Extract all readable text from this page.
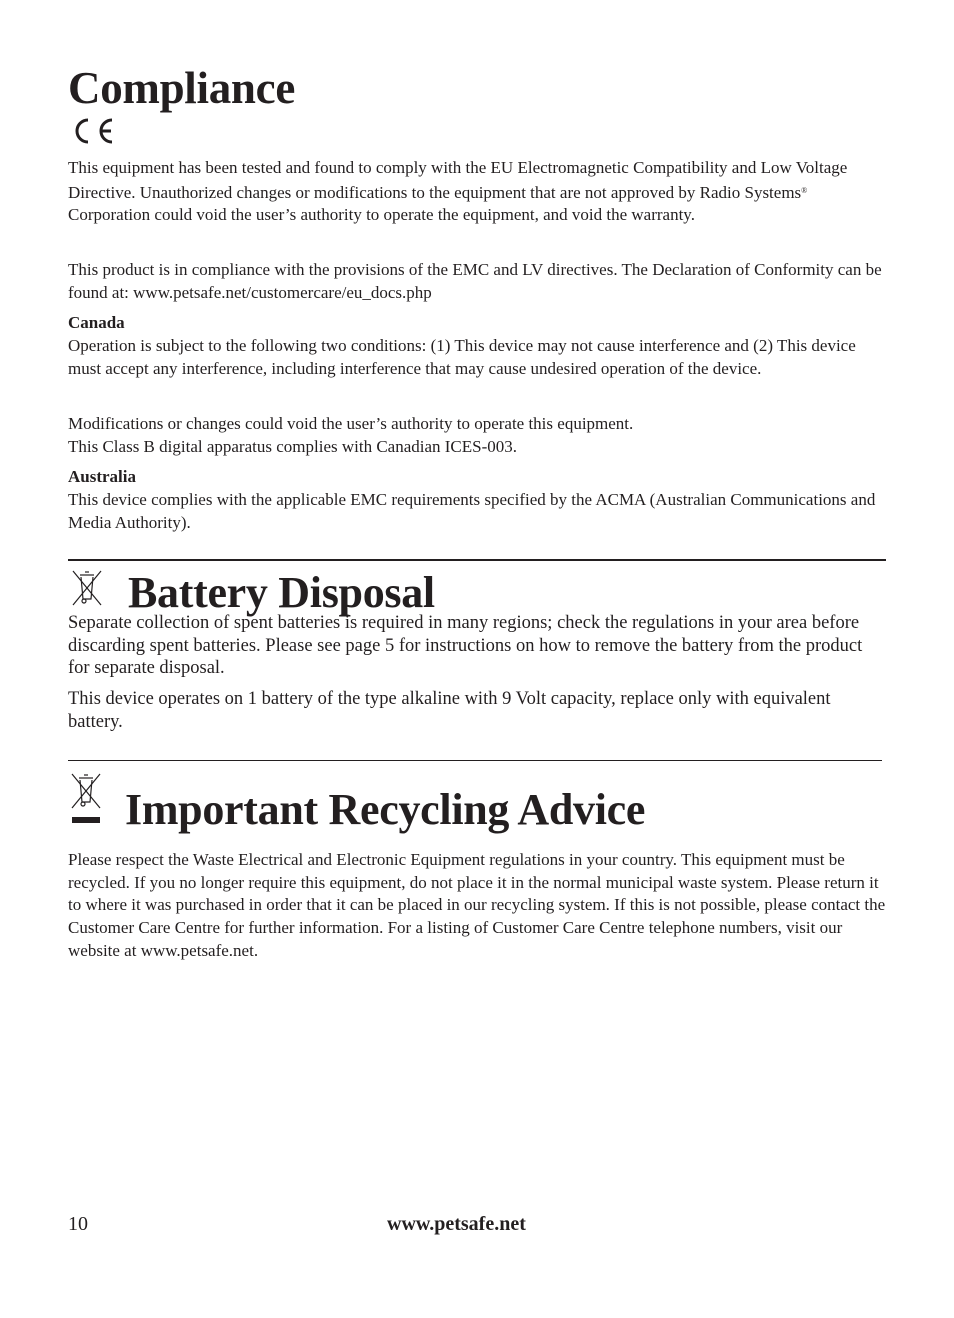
Compliance

This equipment has been tested and found to comply with the EU Electromagnetic Compatibility and Low Voltage Directive. Unauthorized changes or modifications to the equipment that are not approved by Radio Systems® Corporation could void the user’s authority to operate the equipment, and void the warranty.

This product is in compliance with the provisions of the EMC and LV directives. The Declaration of Conformity can be found at: www.petsafe.net/customercare/eu_docs.php

Canada

Operation is subject to the following two conditions: (1) This device may not cause interference and (2) This device must accept any interference, including interference that may cause undesired operation of the device.

Modifications or changes could void the user’s authority to operate this equipment.

This Class B digital apparatus complies with Canadian ICES-003.

Australia

This device complies with the applicable EMC requirements specified by the ACMA (Australian Communications and Media Authority).

Battery Disposal

Separate collection of spent batteries is required in many regions; check the regulations in your area before discarding spent batteries. Please see page 5 for instructions on how to remove the battery from the product for separate disposal.

This device operates on 1 battery of the type alkaline with 9 Volt capacity, replace only with equivalent battery.

Important Recycling Advice

Please respect the Waste Electrical and Electronic Equipment regulations in your country. This equipment must be recycled. If you no longer require this equipment, do not place it in the normal municipal waste system. Please return it to where it was purchased in order that it can be placed in our recycling system. If this is not possible, please contact the Customer Care Centre for further information. For a listing of Customer Care Centre telephone numbers, visit our website at www.petsafe.net.

10	www.petsafe.net
